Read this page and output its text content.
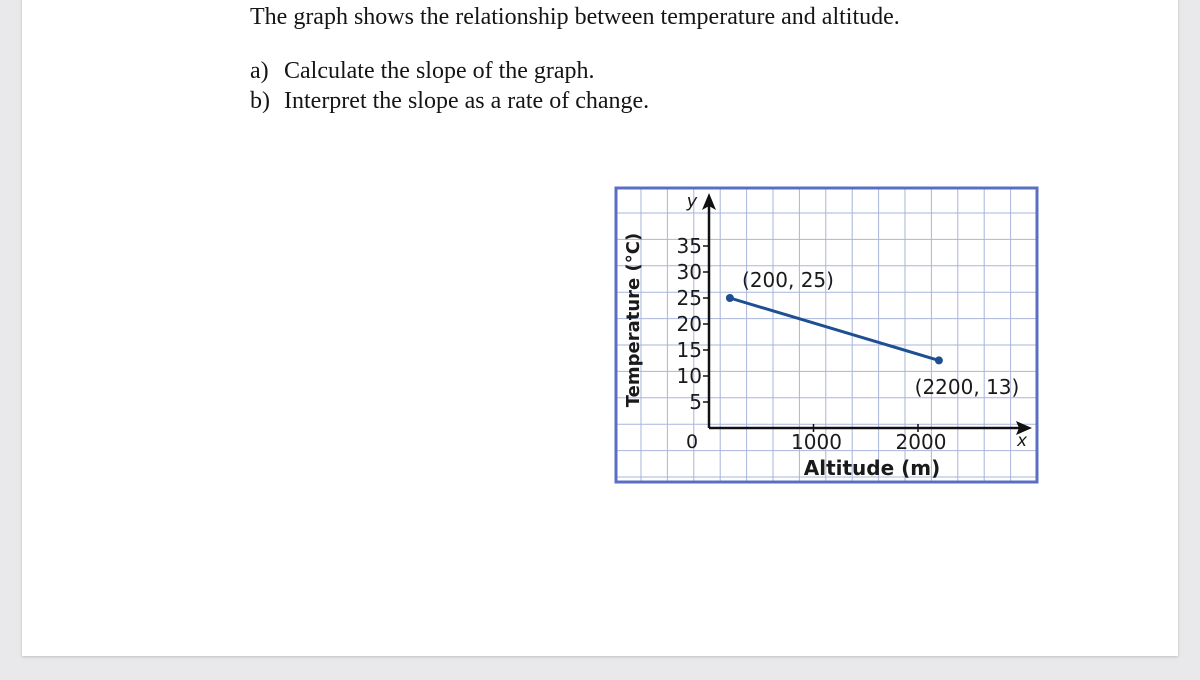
The graph shows the relationship between temperature and altitude.
a) Calculate the slope of the graph.
b) Interpret the slope as a rate of change.
x
y
0
5
10
15
20
25
30
35
1000	2000
Altitude (m)
Temperature (°C)	(200, 25)
(2200, 13)
